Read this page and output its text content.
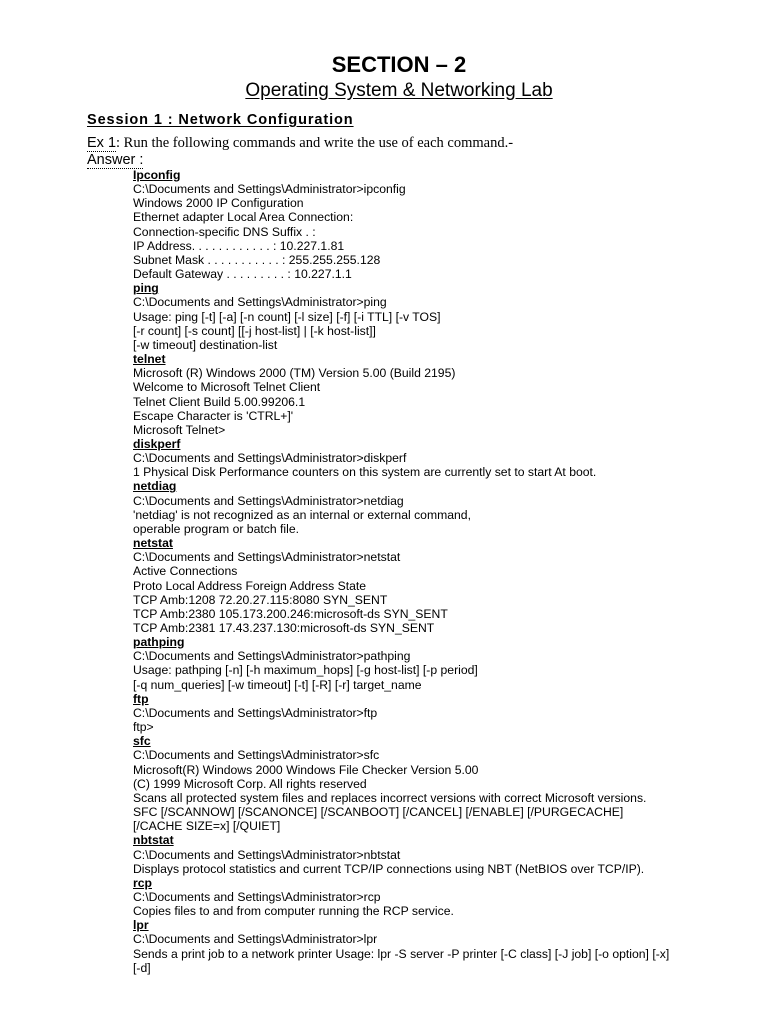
SECTION – 2
Operating System & Networking Lab
Session 1 : Network Configuration
Ex 1: Run the following commands and write the use of each command.-
Answer :
Ipconfig
C:\Documents and Settings\Administrator>ipconfig
Windows 2000 IP Configuration
Ethernet adapter Local Area Connection:
Connection-specific DNS Suffix . :
IP Address. . . . . . . . . . . . : 10.227.1.81
Subnet Mask . . . . . . . . . . . : 255.255.255.128
Default Gateway . . . . . . . . . : 10.227.1.1
ping
C:\Documents and Settings\Administrator>ping
Usage: ping [-t] [-a] [-n count] [-l size] [-f] [-i TTL] [-v TOS]
[-r count] [-s count] [[-j host-list] | [-k host-list]]
[-w timeout] destination-list
telnet
Microsoft (R) Windows 2000 (TM) Version 5.00 (Build 2195)
Welcome to Microsoft Telnet Client
Telnet Client Build 5.00.99206.1
Escape Character is 'CTRL+]'
Microsoft Telnet>
diskperf
C:\Documents and Settings\Administrator>diskperf
1 Physical Disk Performance counters on this system are currently set to start At boot.
netdiag
C:\Documents and Settings\Administrator>netdiag
'netdiag' is not recognized as an internal or external command,
operable program or batch file.
netstat
C:\Documents and Settings\Administrator>netstat
Active Connections
Proto Local Address Foreign Address State
TCP Amb:1208 72.20.27.115:8080 SYN_SENT
TCP Amb:2380 105.173.200.246:microsoft-ds SYN_SENT
TCP Amb:2381 17.43.237.130:microsoft-ds SYN_SENT
pathping
C:\Documents and Settings\Administrator>pathping
Usage: pathping [-n] [-h maximum_hops] [-g host-list] [-p period]
[-q num_queries] [-w timeout] [-t] [-R] [-r] target_name
ftp
C:\Documents and Settings\Administrator>ftp
ftp>
sfc
C:\Documents and Settings\Administrator>sfc
Microsoft(R) Windows 2000 Windows File Checker Version 5.00
(C) 1999 Microsoft Corp. All rights reserved
Scans all protected system files and replaces incorrect versions with correct Microsoft versions.
SFC [/SCANNOW] [/SCANONCE] [/SCANBOOT] [/CANCEL] [/ENABLE] [/PURGECACHE]
[/CACHE SIZE=x] [/QUIET]
nbtstat
C:\Documents and Settings\Administrator>nbtstat
Displays protocol statistics and current TCP/IP connections using NBT (NetBIOS over TCP/IP).
rcp
C:\Documents and Settings\Administrator>rcp
Copies files to and from computer running the RCP service.
lpr
C:\Documents and Settings\Administrator>lpr
Sends a print job to a network printer Usage: lpr -S server -P printer [-C class] [-J job] [-o option] [-x]
[-d]
